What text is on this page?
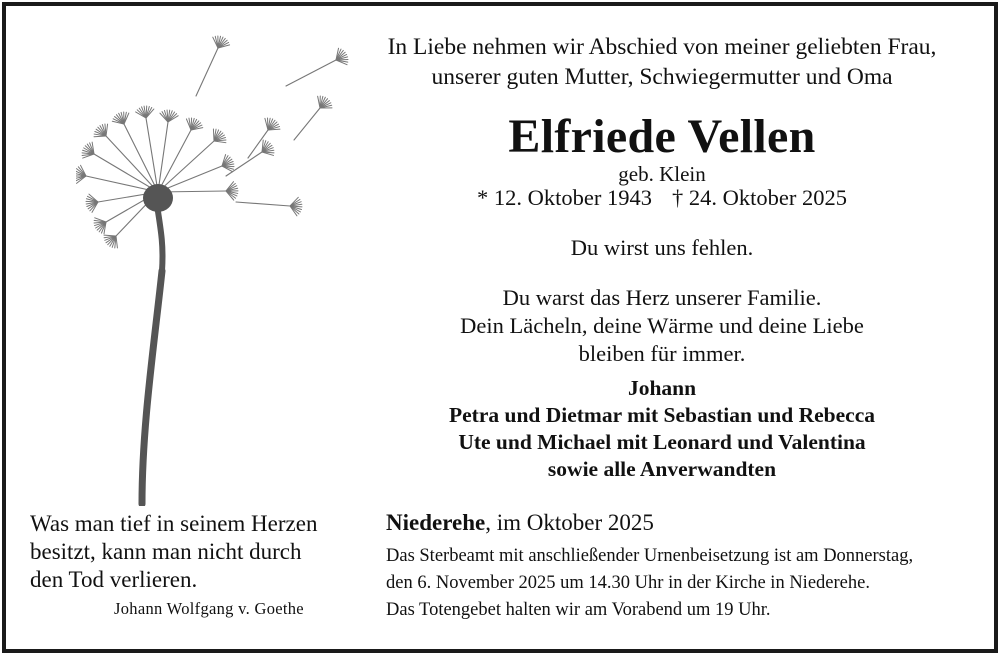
In Liebe nehmen wir Abschied von meiner geliebten Frau,
unserer guten Mutter, Schwiegermutter und Oma
Elfriede Vellen
geb. Klein
* 12. Oktober 1943 † 24. Oktober 2025
Du wirst uns fehlen.
Du warst das Herz unserer Familie.
Dein Lächeln, deine Wärme und deine Liebe
bleiben für immer.
Johann
Petra und Dietmar mit Sebastian und Rebecca
Ute und Michael mit Leonard und Valentina
sowie alle Anverwandten
Was man tief in seinem Herzen
besitzt, kann man nicht durch
den Tod verlieren.
Johann Wolfgang v. Goethe
Niederehe, im Oktober 2025
Das Sterbeamt mit anschließender Urnenbeisetzung ist am Donnerstag,
den 6. November 2025 um 14.30 Uhr in der Kirche in Niederehe.
Das Totengebet halten wir am Vorabend um 19 Uhr.
